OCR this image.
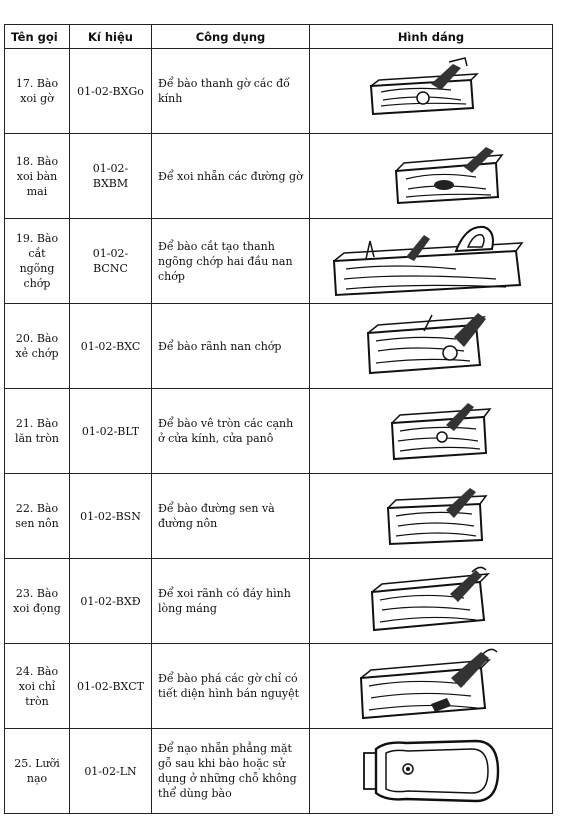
Tên gọi	Kí hiệu	Công dụng	Hình dáng
17. Bào xoi gờ	01-02-BXGo	Để bào thanh gờ các đố kính	

18. Bào xoi bàn mai	01-02-BXBM	Để xoi nhẵn các đường gờ	

19. Bào cắt ngõng chớp	01-02-BCNC	Để bào cắt tạo thanh ngõng chớp hai đầu nan chớp	

20. Bào xẻ chớp	01-02-BXC	Để bào rãnh nan chớp	

21. Bào lăn tròn	01-02-BLT	Để bào vê tròn các cạnh ở cửa kính, cửa panô	

22. Bào sen nôn	01-02-BSN	Để bào đường sen và đường nôn	

23. Bào xoi đọng	01-02-BXĐ	Để xoi rãnh có đáy hình lòng máng	

24. Bào xoi chỉ tròn	01-02-BXCT	Để bào phá các gờ chỉ có tiết diện hình bán nguyệt	

25. Lưỡi nạo	01-02-LN	Để nạo nhẵn phẳng mặt gỗ sau khi bào hoặc sử dụng ở những chỗ không thể dùng bào	
